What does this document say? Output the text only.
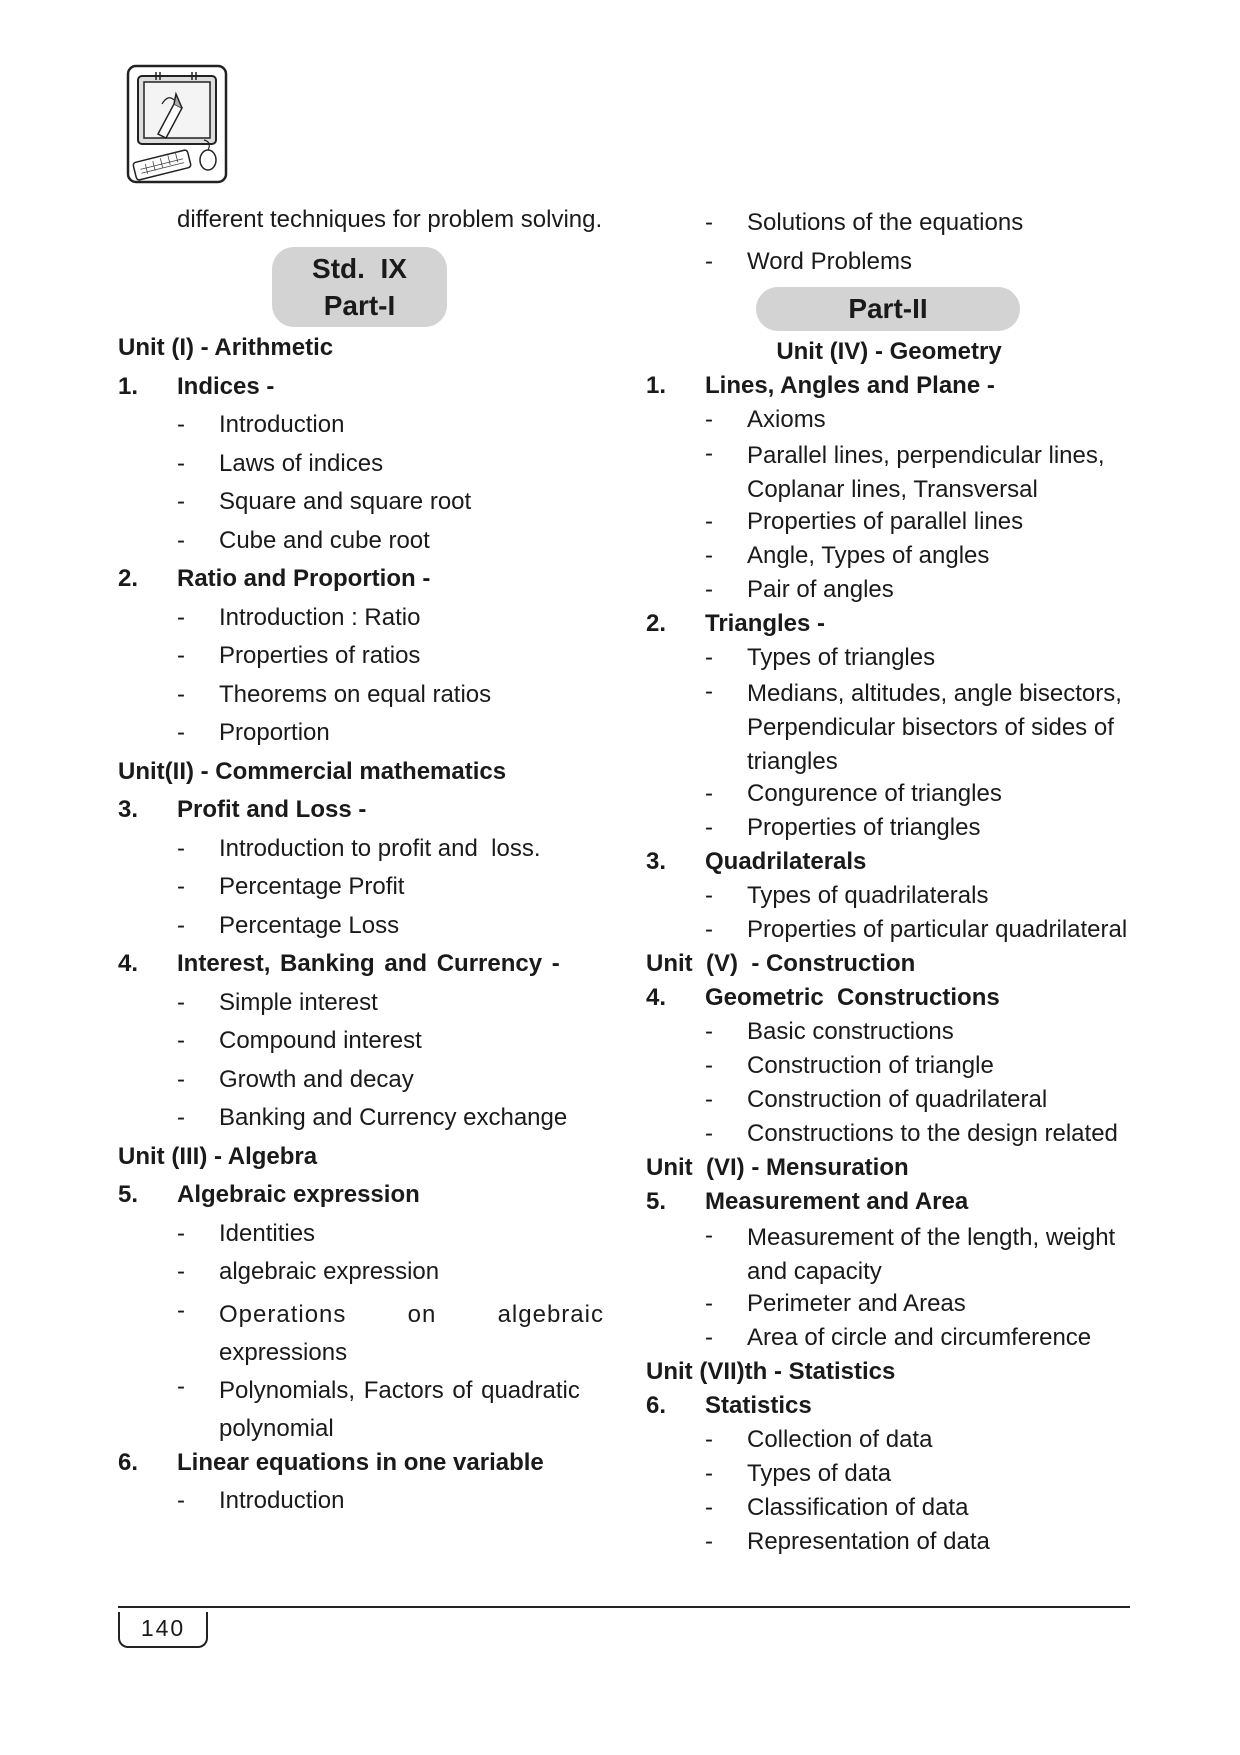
different techniques for problem solving.
Std.  IX
Part-I
Unit (I) - Arithmetic
1. Indices -
- Introduction
- Laws of indices
- Square and square root
- Cube and cube root
2. Ratio and Proportion -
- Introduction : Ratio
- Properties of ratios
- Theorems on equal ratios
- Proportion
Unit(II) - Commercial mathematics
3. Profit and Loss -
- Introduction to profit and  loss.
- Percentage Profit
- Percentage Loss
4. Interest, Banking and Currency -
- Simple interest
- Compound interest
- Growth and decay
- Banking and Currency exchange
Unit (III) - Algebra
5. Algebraic expression
- Identities
- algebraic expression
- Operations	on	algebraic
expressions
- Polynomials, Factors of quadratic
polynomial
6. Linear equations in one variable
- Introduction
- Solutions of the equations
- Word Problems
Part-II
Unit (IV) - Geometry
1. Lines, Angles and Plane -
- Axioms
- Parallel lines, perpendicular lines,
Coplanar lines, Transversal
- Properties of parallel lines
- Angle, Types of angles
- Pair of angles
2. Triangles -
- Types of triangles
- Medians, altitudes, angle bisectors,
Perpendicular bisectors of sides of
triangles
- Congurence of triangles
- Properties of triangles
3. Quadrilaterals
- Types of quadrilaterals
- Properties of particular quadrilateral
Unit  (V)  - Construction
4. Geometric  Constructions
- Basic constructions
- Construction of triangle
- Construction of quadrilateral
- Constructions to the design related
Unit  (VI) - Mensuration
5. Measurement and Area
- Measurement of the length, weight
and capacity
- Perimeter and Areas
- Area of circle and circumference
Unit (VII)th - Statistics
6. Statistics
- Collection of data
- Types of data
- Classification of data
- Representation of data
140
